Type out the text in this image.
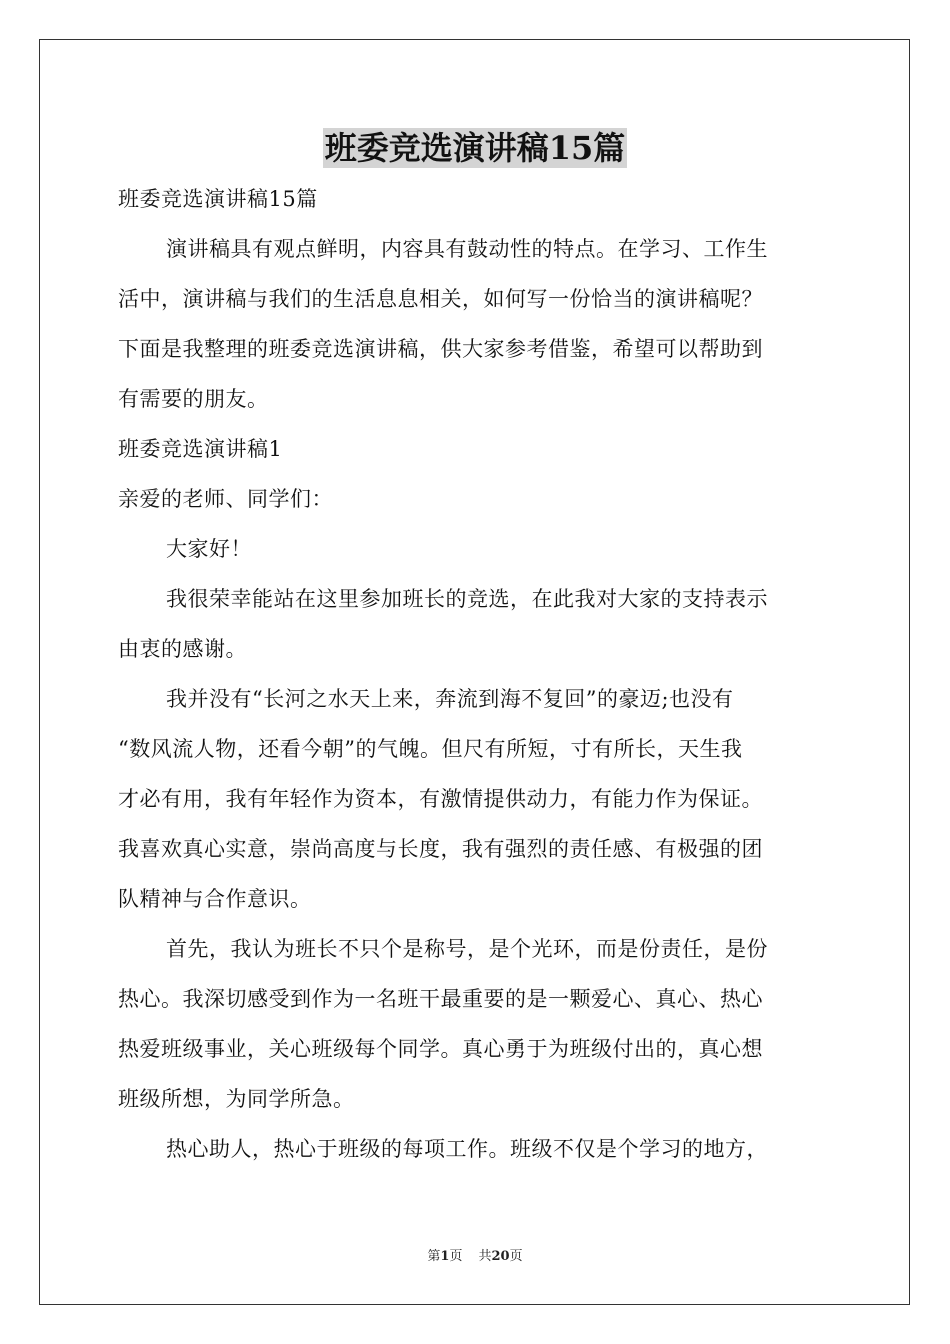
班委竞选演讲稿15篇
班委竞选演讲稿15篇
演讲稿具有观点鲜明，内容具有鼓动性的特点。在学习、工作生
活中，演讲稿与我们的生活息息相关，如何写一份恰当的演讲稿呢？
下面是我整理的班委竞选演讲稿，供大家参考借鉴，希望可以帮助到
有需要的朋友。
班委竞选演讲稿1
亲爱的老师、同学们：
大家好！
我很荣幸能站在这里参加班长的竞选，在此我对大家的支持表示
由衷的感谢。
我并没有“长河之水天上来，奔流到海不复回”的豪迈;也没有
“数风流人物，还看今朝”的气魄。但尺有所短，寸有所长，天生我
才必有用，我有年轻作为资本，有激情提供动力，有能力作为保证。
我喜欢真心实意，崇尚高度与长度，我有强烈的责任感、有极强的团
队精神与合作意识。
首先，我认为班长不只个是称号，是个光环，而是份责任，是份
热心。我深切感受到作为一名班干最重要的是一颗爱心、真心、热心
热爱班级事业，关心班级每个同学。真心勇于为班级付出的，真心想
班级所想，为同学所急。
热心助人，热心于班级的每项工作。班级不仅是个学习的地方，
第1页 共20页
